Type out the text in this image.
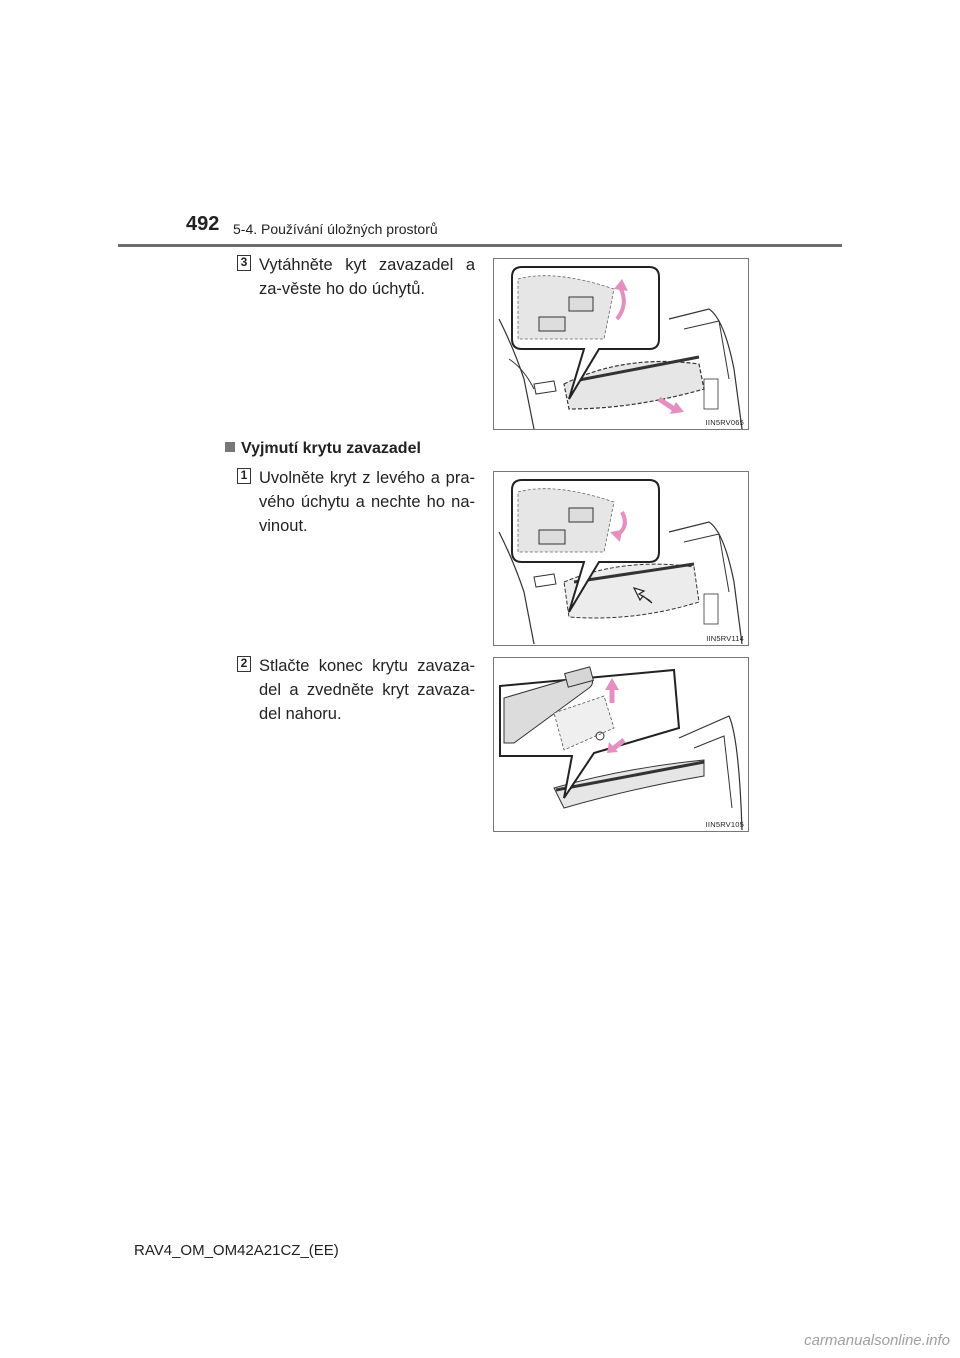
492 5-4. Používání úložných prostorů
3 Vytáhněte kyt zavazadel a za-věste ho do úchytů.
IIN5RV065
Vyjmutí krytu zavazadel
1 Uvolněte kryt z levého a pra-vého úchytu a nechte ho na-vinout.
IIN5RV114
2 Stlačte konec krytu zavaza-del a zvedněte kryt zavaza-del nahoru.
IIN5RV105
RAV4_OM_OM42A21CZ_(EE)
carmanualsonline.info
